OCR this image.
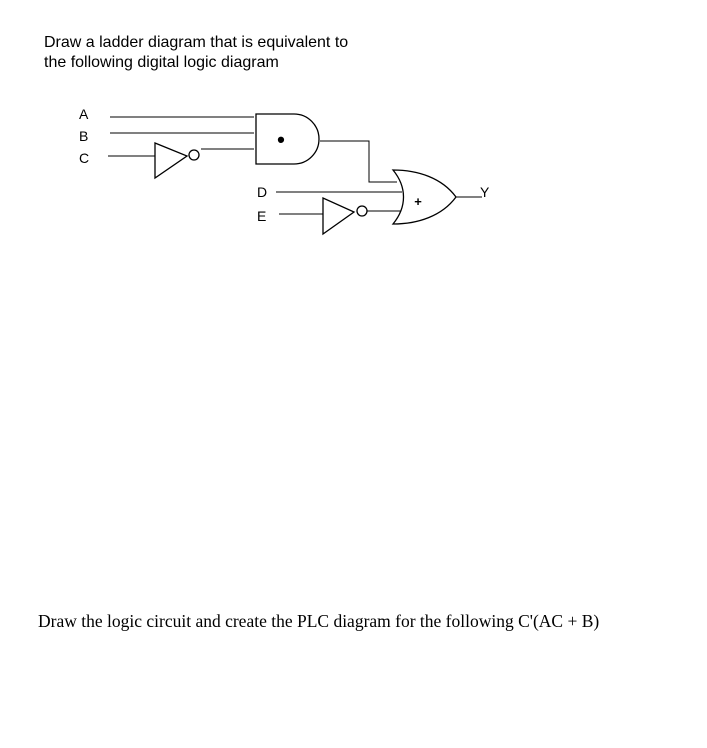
Draw a ladder diagram that is equivalent to
the following digital logic diagram
A
B
C
D
E
•
+
Y
Draw the logic circuit and create the PLC diagram for the following C'(AC + B)
